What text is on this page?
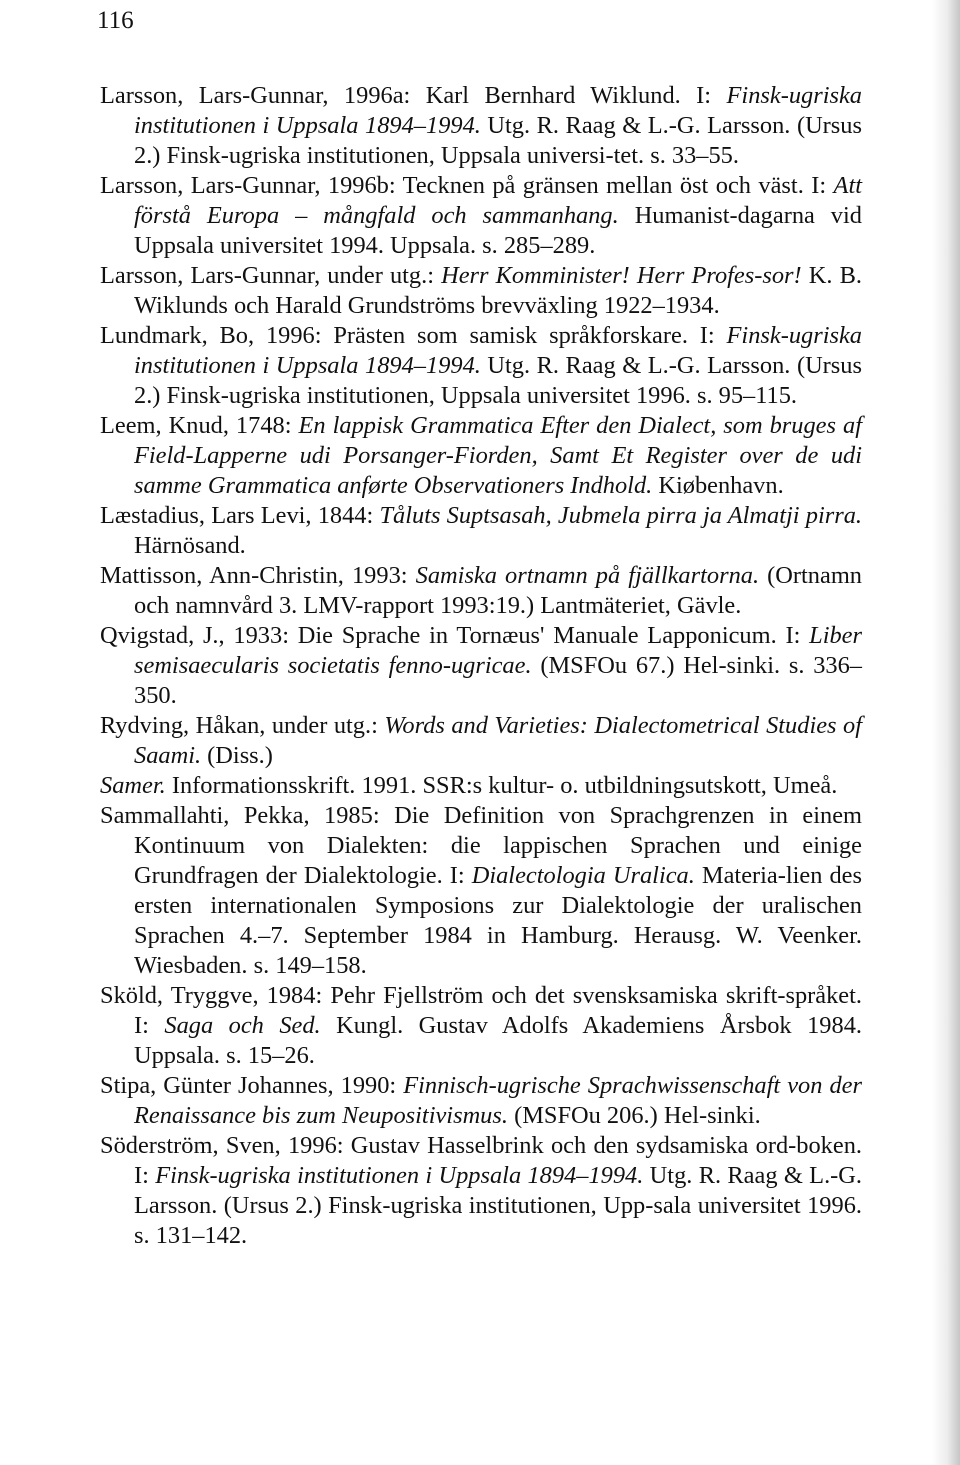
116
Larsson, Lars-Gunnar, 1996a: Karl Bernhard Wiklund. I: Finsk-ugriska institutionen i Uppsala 1894–1994. Utg. R. Raag & L.-G. Larsson. (Ursus 2.) Finsk-ugriska institutionen, Uppsala universi-tet. s. 33–55.
Larsson, Lars-Gunnar, 1996b: Tecknen på gränsen mellan öst och väst. I: Att förstå Europa – mångfald och sammanhang. Humanist-dagarna vid Uppsala universitet 1994. Uppsala. s. 285–289.
Larsson, Lars-Gunnar, under utg.: Herr Komminister! Herr Profes-sor! K. B. Wiklunds och Harald Grundströms brevväxling 1922–1934.
Lundmark, Bo, 1996: Prästen som samisk språkforskare. I: Finsk-ugriska institutionen i Uppsala 1894–1994. Utg. R. Raag & L.-G. Larsson. (Ursus 2.) Finsk-ugriska institutionen, Uppsala universitet 1996. s. 95–115.
Leem, Knud, 1748: En lappisk Grammatica Efter den Dialect, som bruges af Field-Lapperne udi Porsanger-Fiorden, Samt Et Register over de udi samme Grammatica anførte Observationers Indhold. Kiøbenhavn.
Læstadius, Lars Levi, 1844: Tåluts Suptsasah, Jubmela pirra ja Almatji pirra. Härnösand.
Mattisson, Ann-Christin, 1993: Samiska ortnamn på fjällkartorna. (Ortnamn och namnvård 3. LMV-rapport 1993:19.) Lantmäteriet, Gävle.
Qvigstad, J., 1933: Die Sprache in Tornæus' Manuale Lapponicum. I: Liber semisaecularis societatis fenno-ugricae. (MSFOu 67.) Hel-sinki. s. 336–350.
Rydving, Håkan, under utg.: Words and Varieties: Dialectometrical Studies of Saami. (Diss.)
Samer. Informationsskrift. 1991. SSR:s kultur- o. utbildningsutskott, Umeå.
Sammallahti, Pekka, 1985: Die Definition von Sprachgrenzen in einem Kontinuum von Dialekten: die lappischen Sprachen und einige Grundfragen der Dialektologie. I: Dialectologia Uralica. Materia-lien des ersten internationalen Symposions zur Dialektologie der uralischen Sprachen 4.–7. September 1984 in Hamburg. Herausg. W. Veenker. Wiesbaden. s. 149–158.
Sköld, Tryggve, 1984: Pehr Fjellström och det svensksamiska skrift-språket. I: Saga och Sed. Kungl. Gustav Adolfs Akademiens Årsbok 1984. Uppsala. s. 15–26.
Stipa, Günter Johannes, 1990: Finnisch-ugrische Sprachwissenschaft von der Renaissance bis zum Neupositivismus. (MSFOu 206.) Hel-sinki.
Söderström, Sven, 1996: Gustav Hasselbrink och den sydsamiska ord-boken. I: Finsk-ugriska institutionen i Uppsala 1894–1994. Utg. R. Raag & L.-G. Larsson. (Ursus 2.) Finsk-ugriska institutionen, Upp-sala universitet 1996. s. 131–142.
